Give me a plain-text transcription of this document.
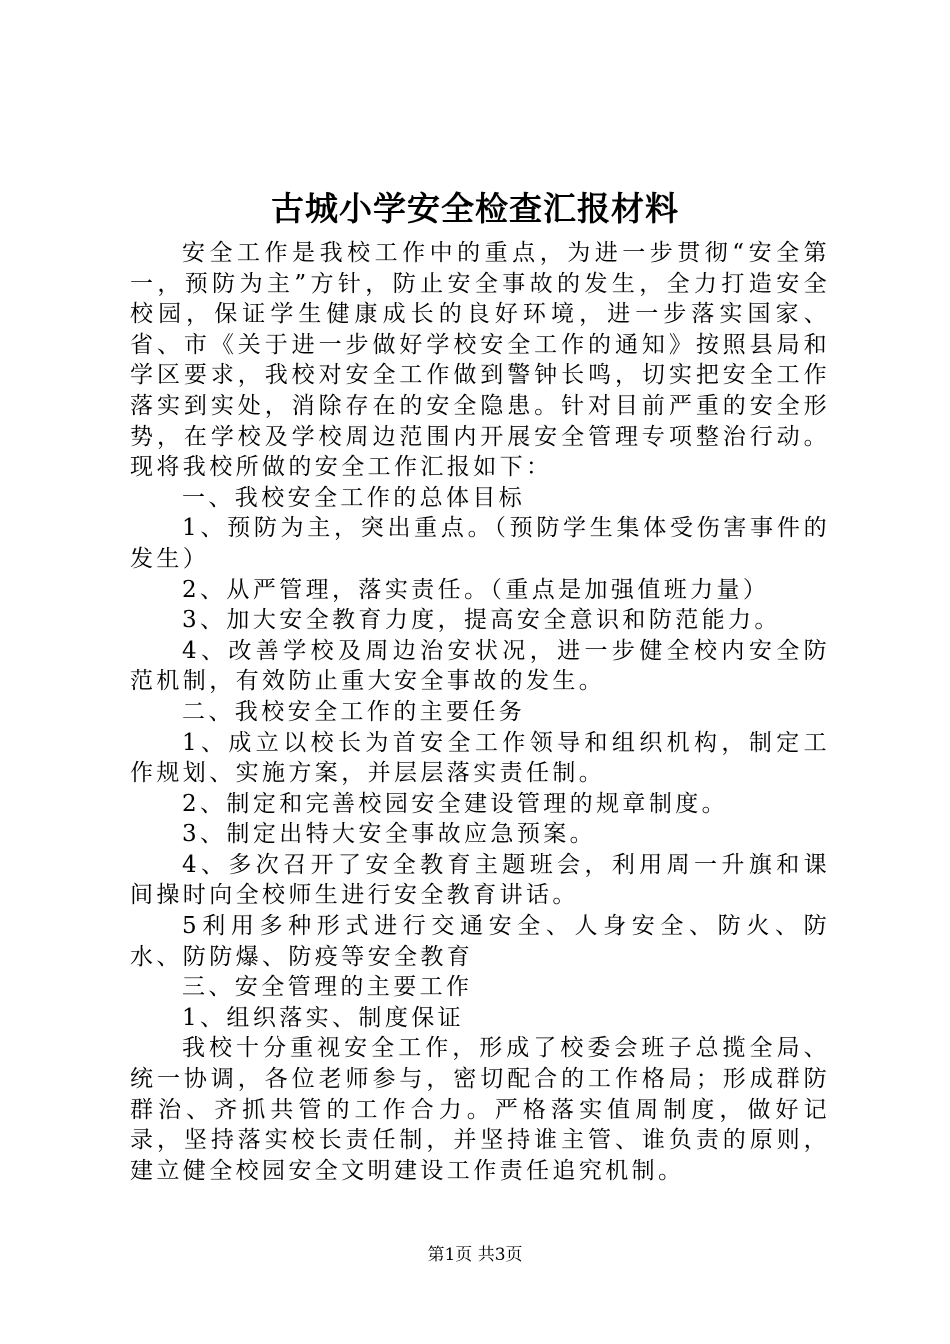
古城小学安全检查汇报材料

安全工作是我校工作中的重点，为进一步贯彻“安全第一，预防为主”方针，防止安全事故的发生，全力打造安全校园，保证学生健康成长的良好环境，进一步落实国家、省、市《关于进一步做好学校安全工作的通知》按照县局和学区要求，我校对安全工作做到警钟长鸣，切实把安全工作落实到实处，消除存在的安全隐患。针对目前严重的安全形势，在学校及学校周边范围内开展安全管理专项整治行动。现将我校所做的安全工作汇报如下：

一、我校安全工作的总体目标

1、预防为主，突出重点。（预防学生集体受伤害事件的发生）

2、从严管理，落实责任。（重点是加强值班力量）

3、加大安全教育力度，提高安全意识和防范能力。

4、改善学校及周边治安状况，进一步健全校内安全防范机制，有效防止重大安全事故的发生。

二、我校安全工作的主要任务

1、成立以校长为首安全工作领导和组织机构，制定工作规划、实施方案，并层层落实责任制。

2、制定和完善校园安全建设管理的规章制度。

3、制定出特大安全事故应急预案。

4、多次召开了安全教育主题班会，利用周一升旗和课间操时向全校师生进行安全教育讲话。

5利用多种形式进行交通安全、人身安全、防火、防水、防防爆、防疫等安全教育

三、安全管理的主要工作

1、组织落实、制度保证

我校十分重视安全工作，形成了校委会班子总揽全局、统一协调，各位老师参与，密切配合的工作格局；形成群防群治、齐抓共管的工作合力。严格落实值周制度，做好记录，坚持落实校长责任制，并坚持谁主管、谁负责的原则，建立健全校园安全文明建设工作责任追究机制。

第1页 共3页
